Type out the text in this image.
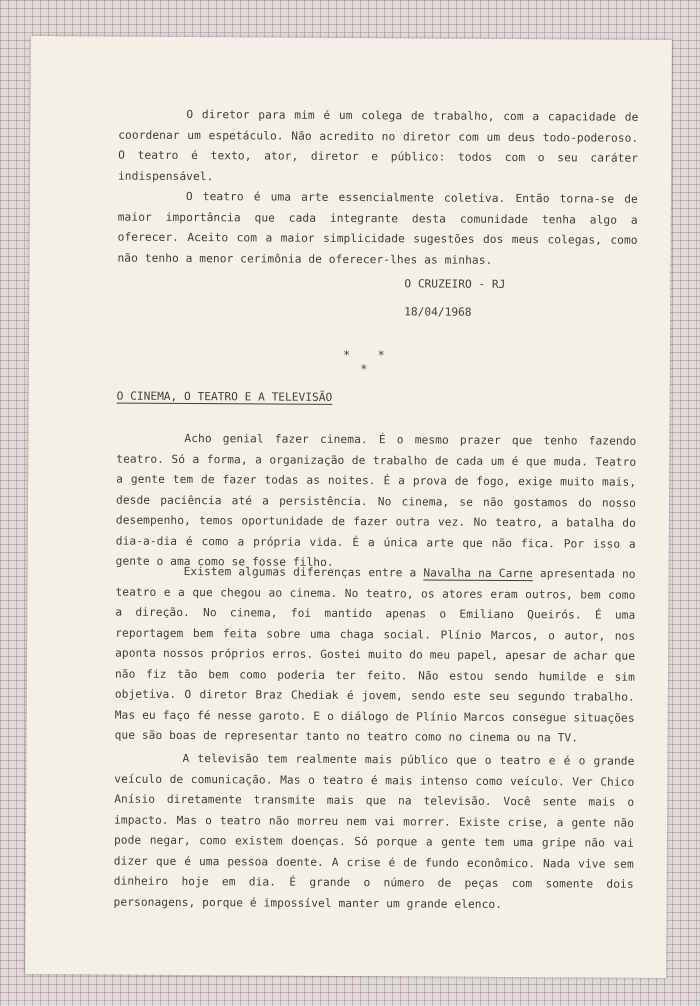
O diretor para mim é um colega de trabalho, com a capacidade de coordenar um espetáculo. Não acredito no diretor com um deus todo-poderoso. O teatro é texto, ator, diretor e público: todos com o seu caráter indispensável.

O teatro é uma arte essencialmente coletiva. Então torna-se de maior importância que cada integrante desta comunidade tenha algo a oferecer. Aceito com a maior simplicidade sugestões dos meus colegas, como não tenho a menor cerimônia de oferecer-lhes as minhas.

O CRUZEIRO - RJ

18/04/1968

* * *
O CINEMA, O TEATRO E A TELEVISÃO

Acho genial fazer cinema. É o mesmo prazer que tenho fazendo teatro. Só a forma, a organização de trabalho de cada um é que muda. Teatro a gente tem de fazer todas as noites. É a prova de fogo, exige muito mais, desde paciência até a persistência. No cinema, se não gostamos do nosso desempenho, temos oportunidade de fazer outra vez. No teatro, a batalha do dia-a-dia é como a própria vida. É a única arte que não fica. Por isso a gente o ama como se fosse filho.

Existem algumas diferenças entre a Navalha na Carne apresentada no teatro e a que chegou ao cinema. No teatro, os atores eram outros, bem como a direção. No cinema, foi mantido apenas o Emiliano Queirós. É uma reportagem bem feita sobre uma chaga social. Plínio Marcos, o autor, nos aponta nossos próprios erros. Gostei muito do meu papel, apesar de achar que não fiz tão bem como poderia ter feito. Não estou sendo humilde e sim objetiva. O diretor Braz Chediak é jovem, sendo este seu segundo trabalho. Mas eu faço fé nesse garoto. E o diálogo de Plínio Marcos consegue situações que são boas de representar tanto no teatro como no cinema ou na TV.

A televisão tem realmente mais público que o teatro e é o grande veículo de comunicação. Mas o teatro é mais intenso como veículo. Ver Chico Anísio diretamente transmite mais que na televisão. Você sente mais o impacto. Mas o teatro não morreu nem vai morrer. Existe crise, a gente não pode negar, como existem doenças. Só porque a gente tem uma gripe não vai dizer que é uma pessoa doente. A crise é de fundo econômico. Nada vive sem dinheiro hoje em dia. É grande o número de peças com somente dois personagens, porque é impossível manter um grande elenco.
